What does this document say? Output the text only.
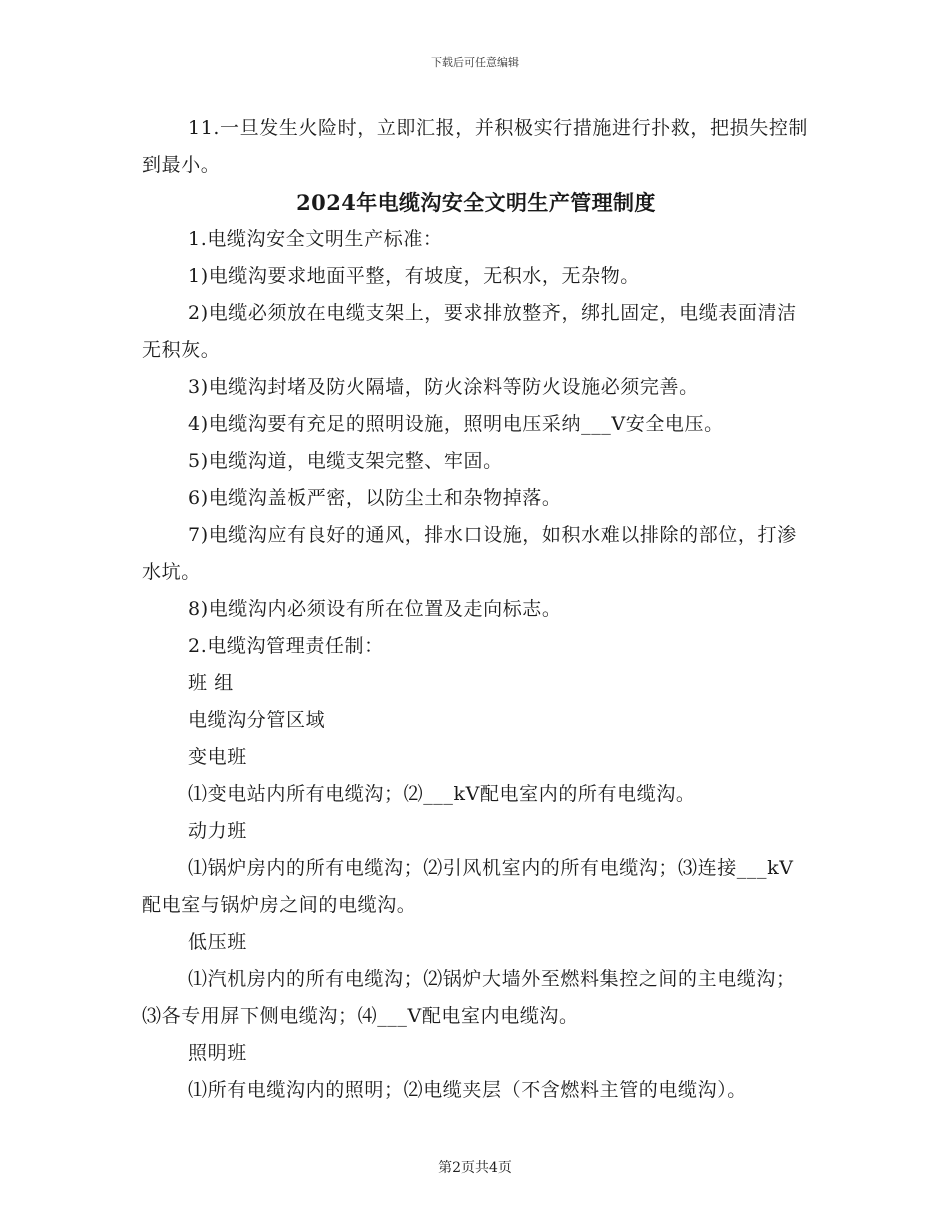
下载后可任意编辑

11.一旦发生火险时，立即汇报，并积极实行措施进行扑救，把损失控制到最小。

2024年电缆沟安全文明生产管理制度

1.电缆沟安全文明生产标准：

1)电缆沟要求地面平整，有坡度，无积水，无杂物。

2)电缆必须放在电缆支架上，要求排放整齐，绑扎固定，电缆表面清洁无积灰。

3)电缆沟封堵及防火隔墙，防火涂料等防火设施必须完善。

4)电缆沟要有充足的照明设施，照明电压采纳___V安全电压。

5)电缆沟道，电缆支架完整、牢固。

6)电缆沟盖板严密，以防尘土和杂物掉落。

7)电缆沟应有良好的通风，排水口设施，如积水难以排除的部位，打渗水坑。

8)电缆沟内必须设有所在位置及走向标志。

2.电缆沟管理责任制：

班 组

电缆沟分管区域

变电班

⑴变电站内所有电缆沟；⑵___kV配电室内的所有电缆沟。

动力班

⑴锅炉房内的所有电缆沟；⑵引风机室内的所有电缆沟；⑶连接___kV配电室与锅炉房之间的电缆沟。

低压班

⑴汽机房内的所有电缆沟；⑵锅炉大墙外至燃料集控之间的主电缆沟；⑶各专用屏下侧电缆沟；⑷___V配电室内电缆沟。

照明班

⑴所有电缆沟内的照明；⑵电缆夹层（不含燃料主管的电缆沟）。

第2页共4页
